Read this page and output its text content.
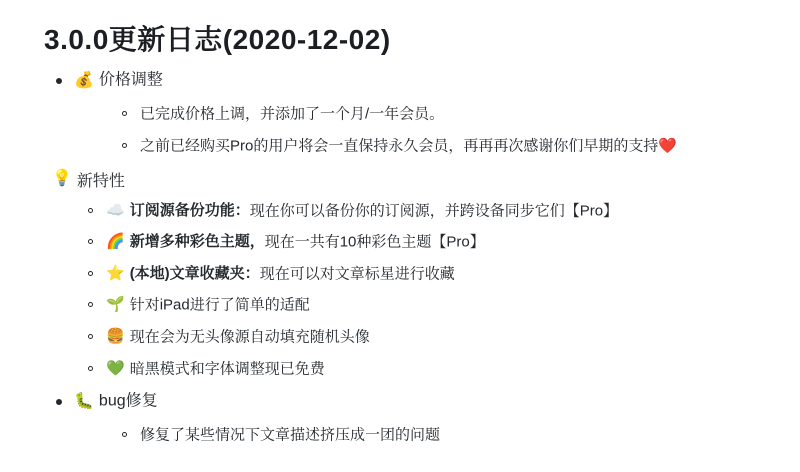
3.0.0更新日志(2020-12-02)
💰 价格调整
已完成价格上调，并添加了一个月/一年会员。
之前已经购买Pro的用户将会一直保持永久会员，再再再次感谢你们早期的支持❤️
💡 新特性
☁️ 订阅源备份功能：现在你可以备份你的订阅源，并跨设备同步它们【Pro】
🌈 新增多种彩色主题，现在一共有10种彩色主题【Pro】
⭐ (本地)文章收藏夹：现在可以对文章标星进行收藏
🌱 针对iPad进行了简单的适配
🍔 现在会为无头像源自动填充随机头像
💚 暗黑模式和字体调整现已免费
🐛 bug修复
修复了某些情况下文章描述挤压成一团的问题
